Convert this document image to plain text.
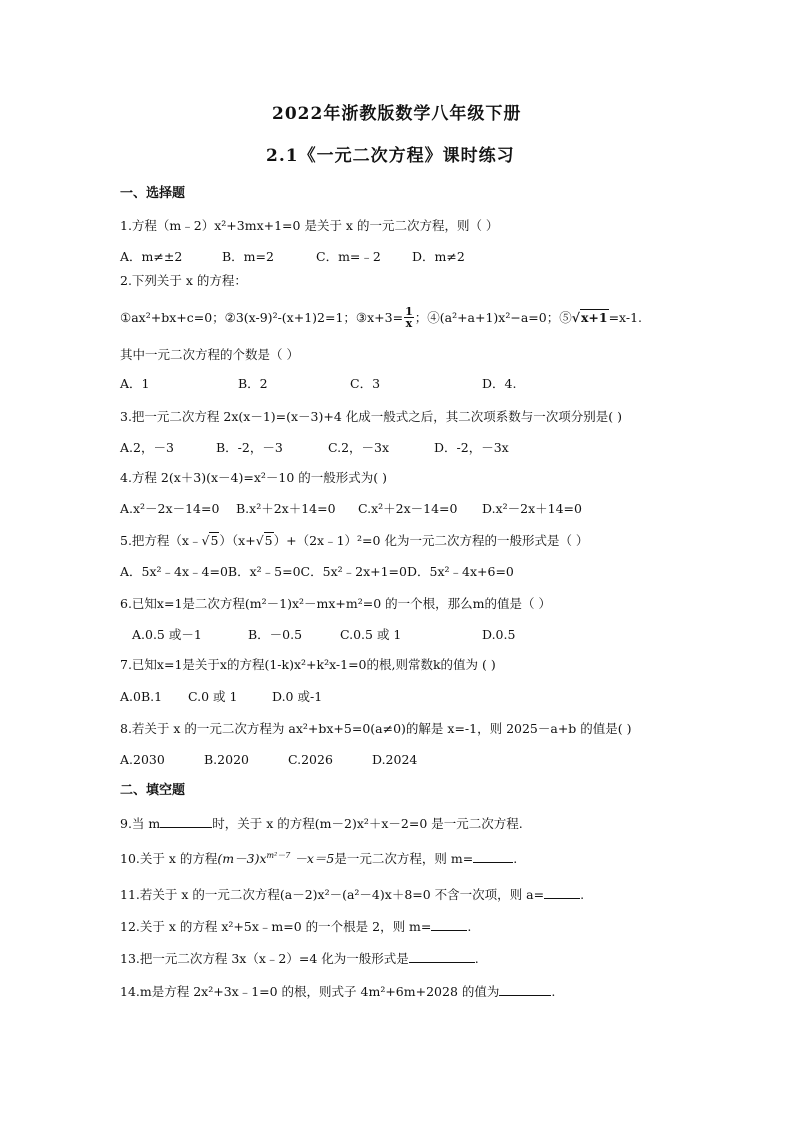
2022年浙教版数学八年级下册
2.1《一元二次方程》课时练习
一、选择题
1.方程（m﹣2）x²+3mx+1=0 是关于 x 的一元二次方程，则（ ）
A．m≠±2	B．m=2	C．m=﹣2 D．m≠2
2.下列关于 x 的方程：
①ax²+bx+c=0；②3(x-9)²-(x+1)2=1；③x+3= $\frac{1}{x}$ ；④(a²+a+1)x²−a=0；⑤ √ x+1 =x-1.
其中一元二次方程的个数是（ ）
A．1	B．2	C．3	D．4.
3.把一元二次方程 2x(x－1)=(x－3)+4 化成一般式之后，其二次项系数与一次项分别是( )
A.2，－3	B．-2，－3	C.2，－3x	D．-2，－3x
4.方程 2(x＋3)(x－4)=x²－10 的一般形式为( )
A.x²－2x－14=0 B.x²＋2x＋14=0 C.x²＋2x－14=0 D.x²－2x＋14=0
5.把方程（x﹣ √ 5 ）（x+ √ 5 ）+（2x﹣1）²=0 化为一元二次方程的一般形式是（ ）
A．5x²﹣4x﹣4=0B．x²﹣5=0C．5x²﹣2x+1=0D．5x²﹣4x+6=0
6.已知x=1是二次方程(m²－1)x²－mx+m²=0 的一个根，那么m的值是（ ）
A.0.5 或－1	B．－0.5	C.0.5 或 1	D.0.5
7.已知x=1是关于x的方程(1-k)x²+k²x-1=0的根,则常数k的值为 ( )
A.0B.1 C.0 或 1	D.0 或-1
8.若关于 x 的一元二次方程为 ax²+bx+5=0(a≠0)的解是 x=-1，则 2025－a+b 的值是( )
A.2030	B.2020	C.2026	D.2024
二、填空题
9.当 m	时，关于 x 的方程(m－2)x²＋x－2=0 是一元二次方程.
10.关于 x 的方程$(m-3)x^{m^2-7} -x=5$是一元二次方程，则 m=	.
11.若关于 x 的一元二次方程(a－2)x²－(a²－4)x＋8=0 不含一次项，则 a=	.
12.关于 x 的方程 x²+5x﹣m=0 的一个根是 2，则 m=	.
13.把一元二次方程 3x（x﹣2）=4 化为一般形式是	.
14.m是方程 2x²+3x﹣1=0 的根，则式子 4m²+6m+2028 的值为	.
